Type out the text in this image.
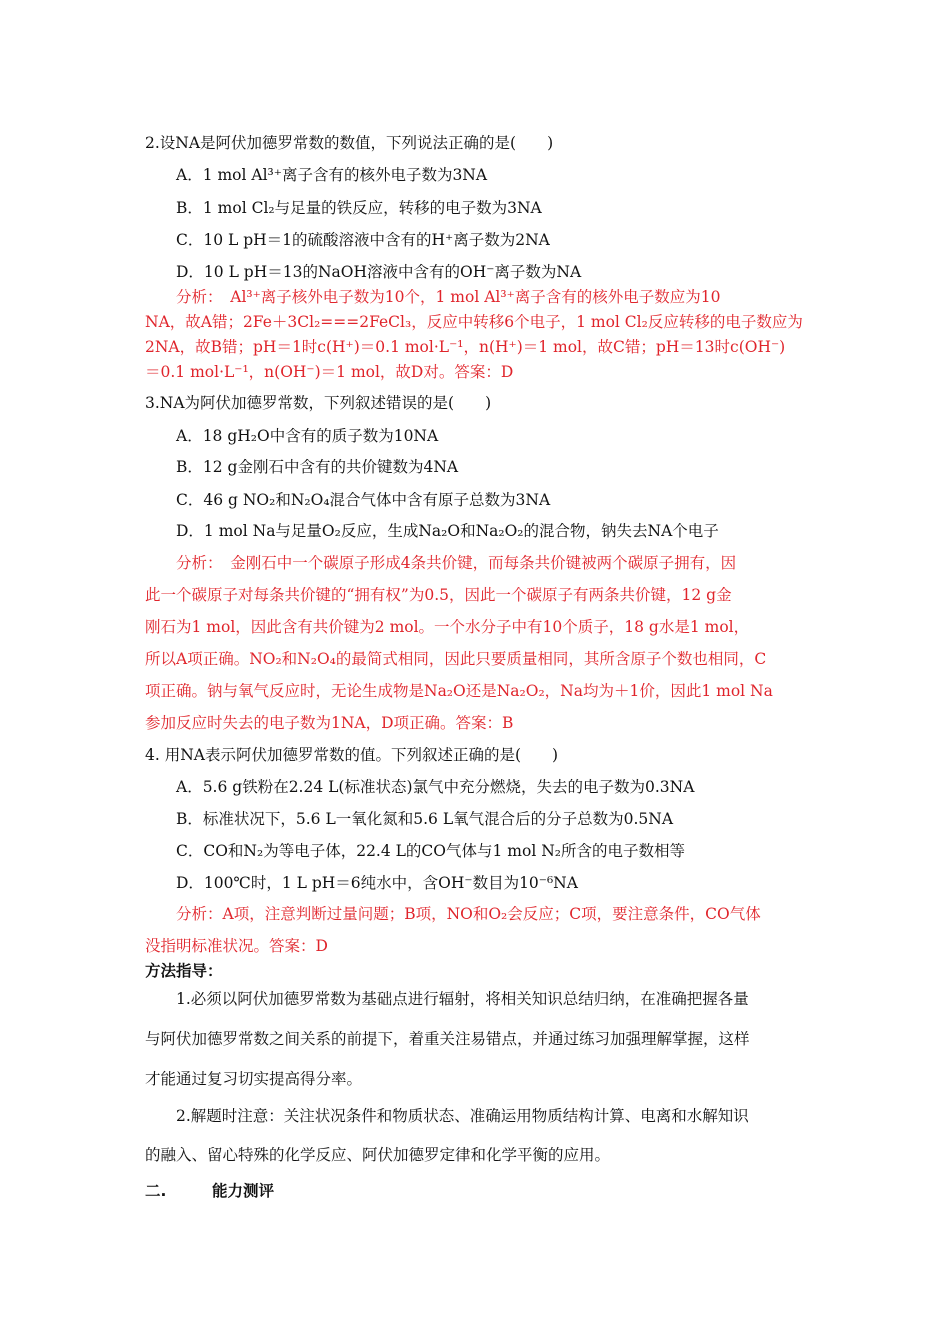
2.设NA是阿伏加德罗常数的数值，下列说法正确的是(　　)
A．1 mol Al³⁺离子含有的核外电子数为3NA
B．1 mol Cl₂与足量的铁反应，转移的电子数为3NA
C．10 L pH＝1的硫酸溶液中含有的H⁺离子数为2NA
D．10 L pH＝13的NaOH溶液中含有的OH⁻离子数为NA
分析：　Al³⁺离子核外电子数为10个，1 mol Al³⁺离子含有的核外电子数应为10
NA，故A错；2Fe＋3Cl₂===2FeCl₃，反应中转移6个电子，1 mol Cl₂反应转移的电子数应为
2NA，故B错；pH＝1时c(H⁺)＝0.1 mol·L⁻¹，n(H⁺)＝1 mol，故C错；pH＝13时c(OH⁻)
＝0.1 mol·L⁻¹，n(OH⁻)＝1 mol，故D对。答案：D
3.NA为阿伏加德罗常数，下列叙述错误的是(　　)
A．18 gH₂O中含有的质子数为10NA
B．12 g金刚石中含有的共价键数为4NA
C．46 g NO₂和N₂O₄混合气体中含有原子总数为3NA
D．1 mol Na与足量O₂反应，生成Na₂O和Na₂O₂的混合物，钠失去NA个电子
分析：　金刚石中一个碳原子形成4条共价键，而每条共价键被两个碳原子拥有，因
此一个碳原子对每条共价键的“拥有权”为0.5，因此一个碳原子有两条共价键，12 g金
刚石为1 mol，因此含有共价键为2 mol。一个水分子中有10个质子，18 g水是1 mol，
所以A项正确。NO₂和N₂O₄的最简式相同，因此只要质量相同，其所含原子个数也相同，C
项正确。钠与氧气反应时，无论生成物是Na₂O还是Na₂O₂，Na均为＋1价，因此1 mol Na
参加反应时失去的电子数为1NA，D项正确。答案：B
4. 用NA表示阿伏加德罗常数的值。下列叙述正确的是(　　)
A．5.6 g铁粉在2.24 L(标准状态)氯气中充分燃烧，失去的电子数为0.3NA
B．标准状况下，5.6 L一氧化氮和5.6 L氧气混合后的分子总数为0.5NA
C．CO和N₂为等电子体，22.4 L的CO气体与1 mol N₂所含的电子数相等
D．100℃时，1 L pH＝6纯水中，含OH⁻数目为10⁻⁶NA
分析：A项，注意判断过量问题；B项，NO和O₂会反应；C项，要注意条件，CO气体
没指明标准状况。答案：D
方法指导：
1.必须以阿伏加德罗常数为基础点进行辐射，将相关知识总结归纳，在准确把握各量
与阿伏加德罗常数之间关系的前提下，着重关注易错点，并通过练习加强理解掌握，这样
才能通过复习切实提高得分率。
2.解题时注意：关注状况条件和物质状态、准确运用物质结构计算、电离和水解知识
的融入、留心特殊的化学反应、阿伏加德罗定律和化学平衡的应用。
二.	能力测评
